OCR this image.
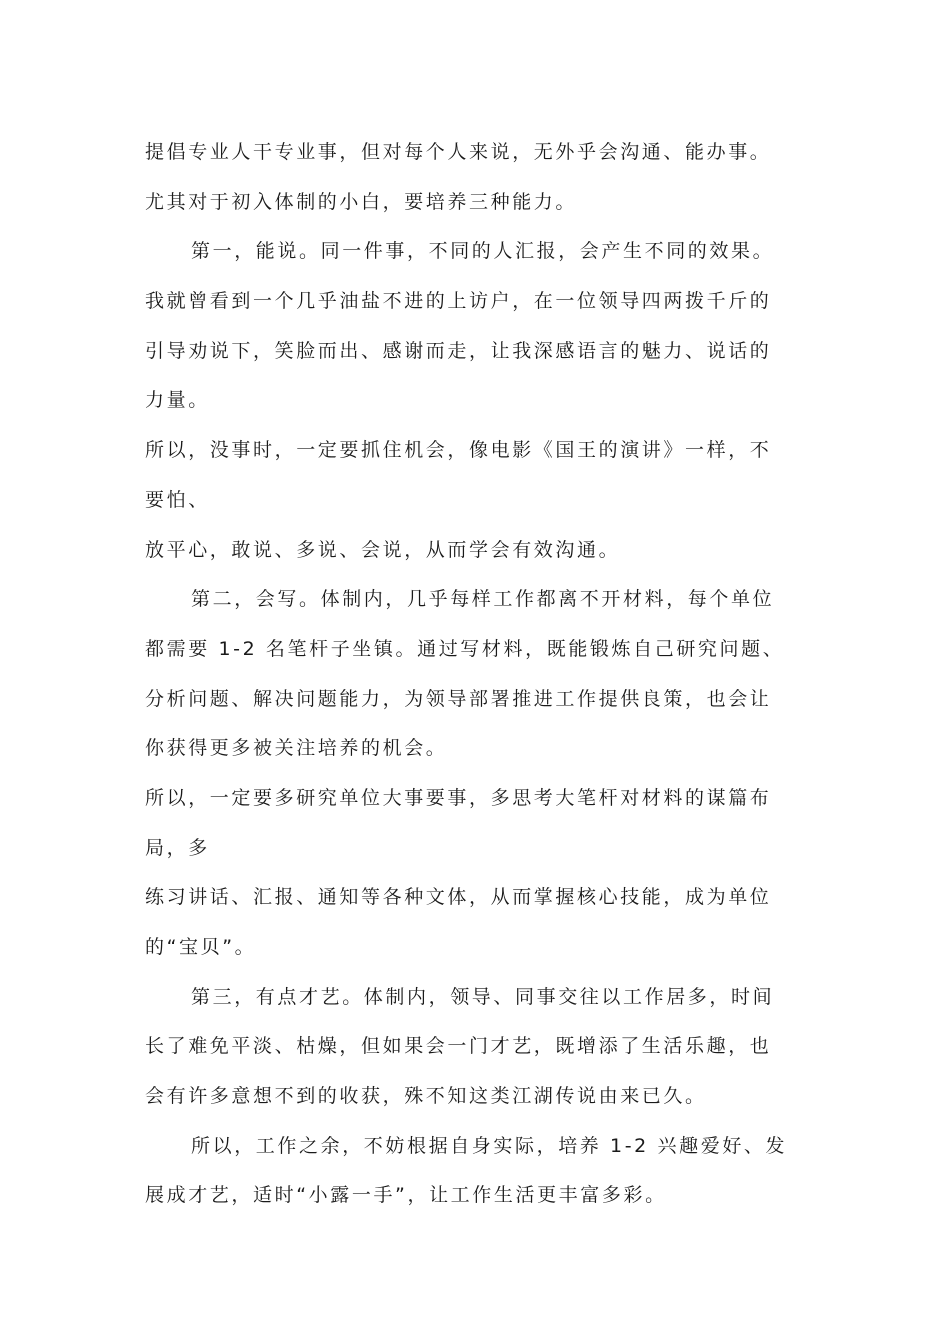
提倡专业人干专业事，但对每个人来说，无外乎会沟通、能办事。
尤其对于初入体制的小白，要培养三种能力。
第一，能说。同一件事，不同的人汇报，会产生不同的效果。
我就曾看到一个几乎油盐不进的上访户，在一位领导四两拨千斤的
引导劝说下，笑脸而出、感谢而走，让我深感语言的魅力、说话的
力量。
所以，没事时，一定要抓住机会，像电影《国王的演讲》一样，不
要怕、
放平心，敢说、多说、会说，从而学会有效沟通。
第二，会写。体制内，几乎每样工作都离不开材料，每个单位
都需要 1-2 名笔杆子坐镇。通过写材料，既能锻炼自己研究问题、
分析问题、解决问题能力，为领导部署推进工作提供良策，也会让
你获得更多被关注培养的机会。
所以，一定要多研究单位大事要事，多思考大笔杆对材料的谋篇布
局，多
练习讲话、汇报、通知等各种文体，从而掌握核心技能，成为单位
的“宝贝”。
第三，有点才艺。体制内，领导、同事交往以工作居多，时间
长了难免平淡、枯燥，但如果会一门才艺，既增添了生活乐趣，也
会有许多意想不到的收获，殊不知这类江湖传说由来已久。
所以，工作之余，不妨根据自身实际，培养 1-2 兴趣爱好、发
展成才艺，适时“小露一手”，让工作生活更丰富多彩。
